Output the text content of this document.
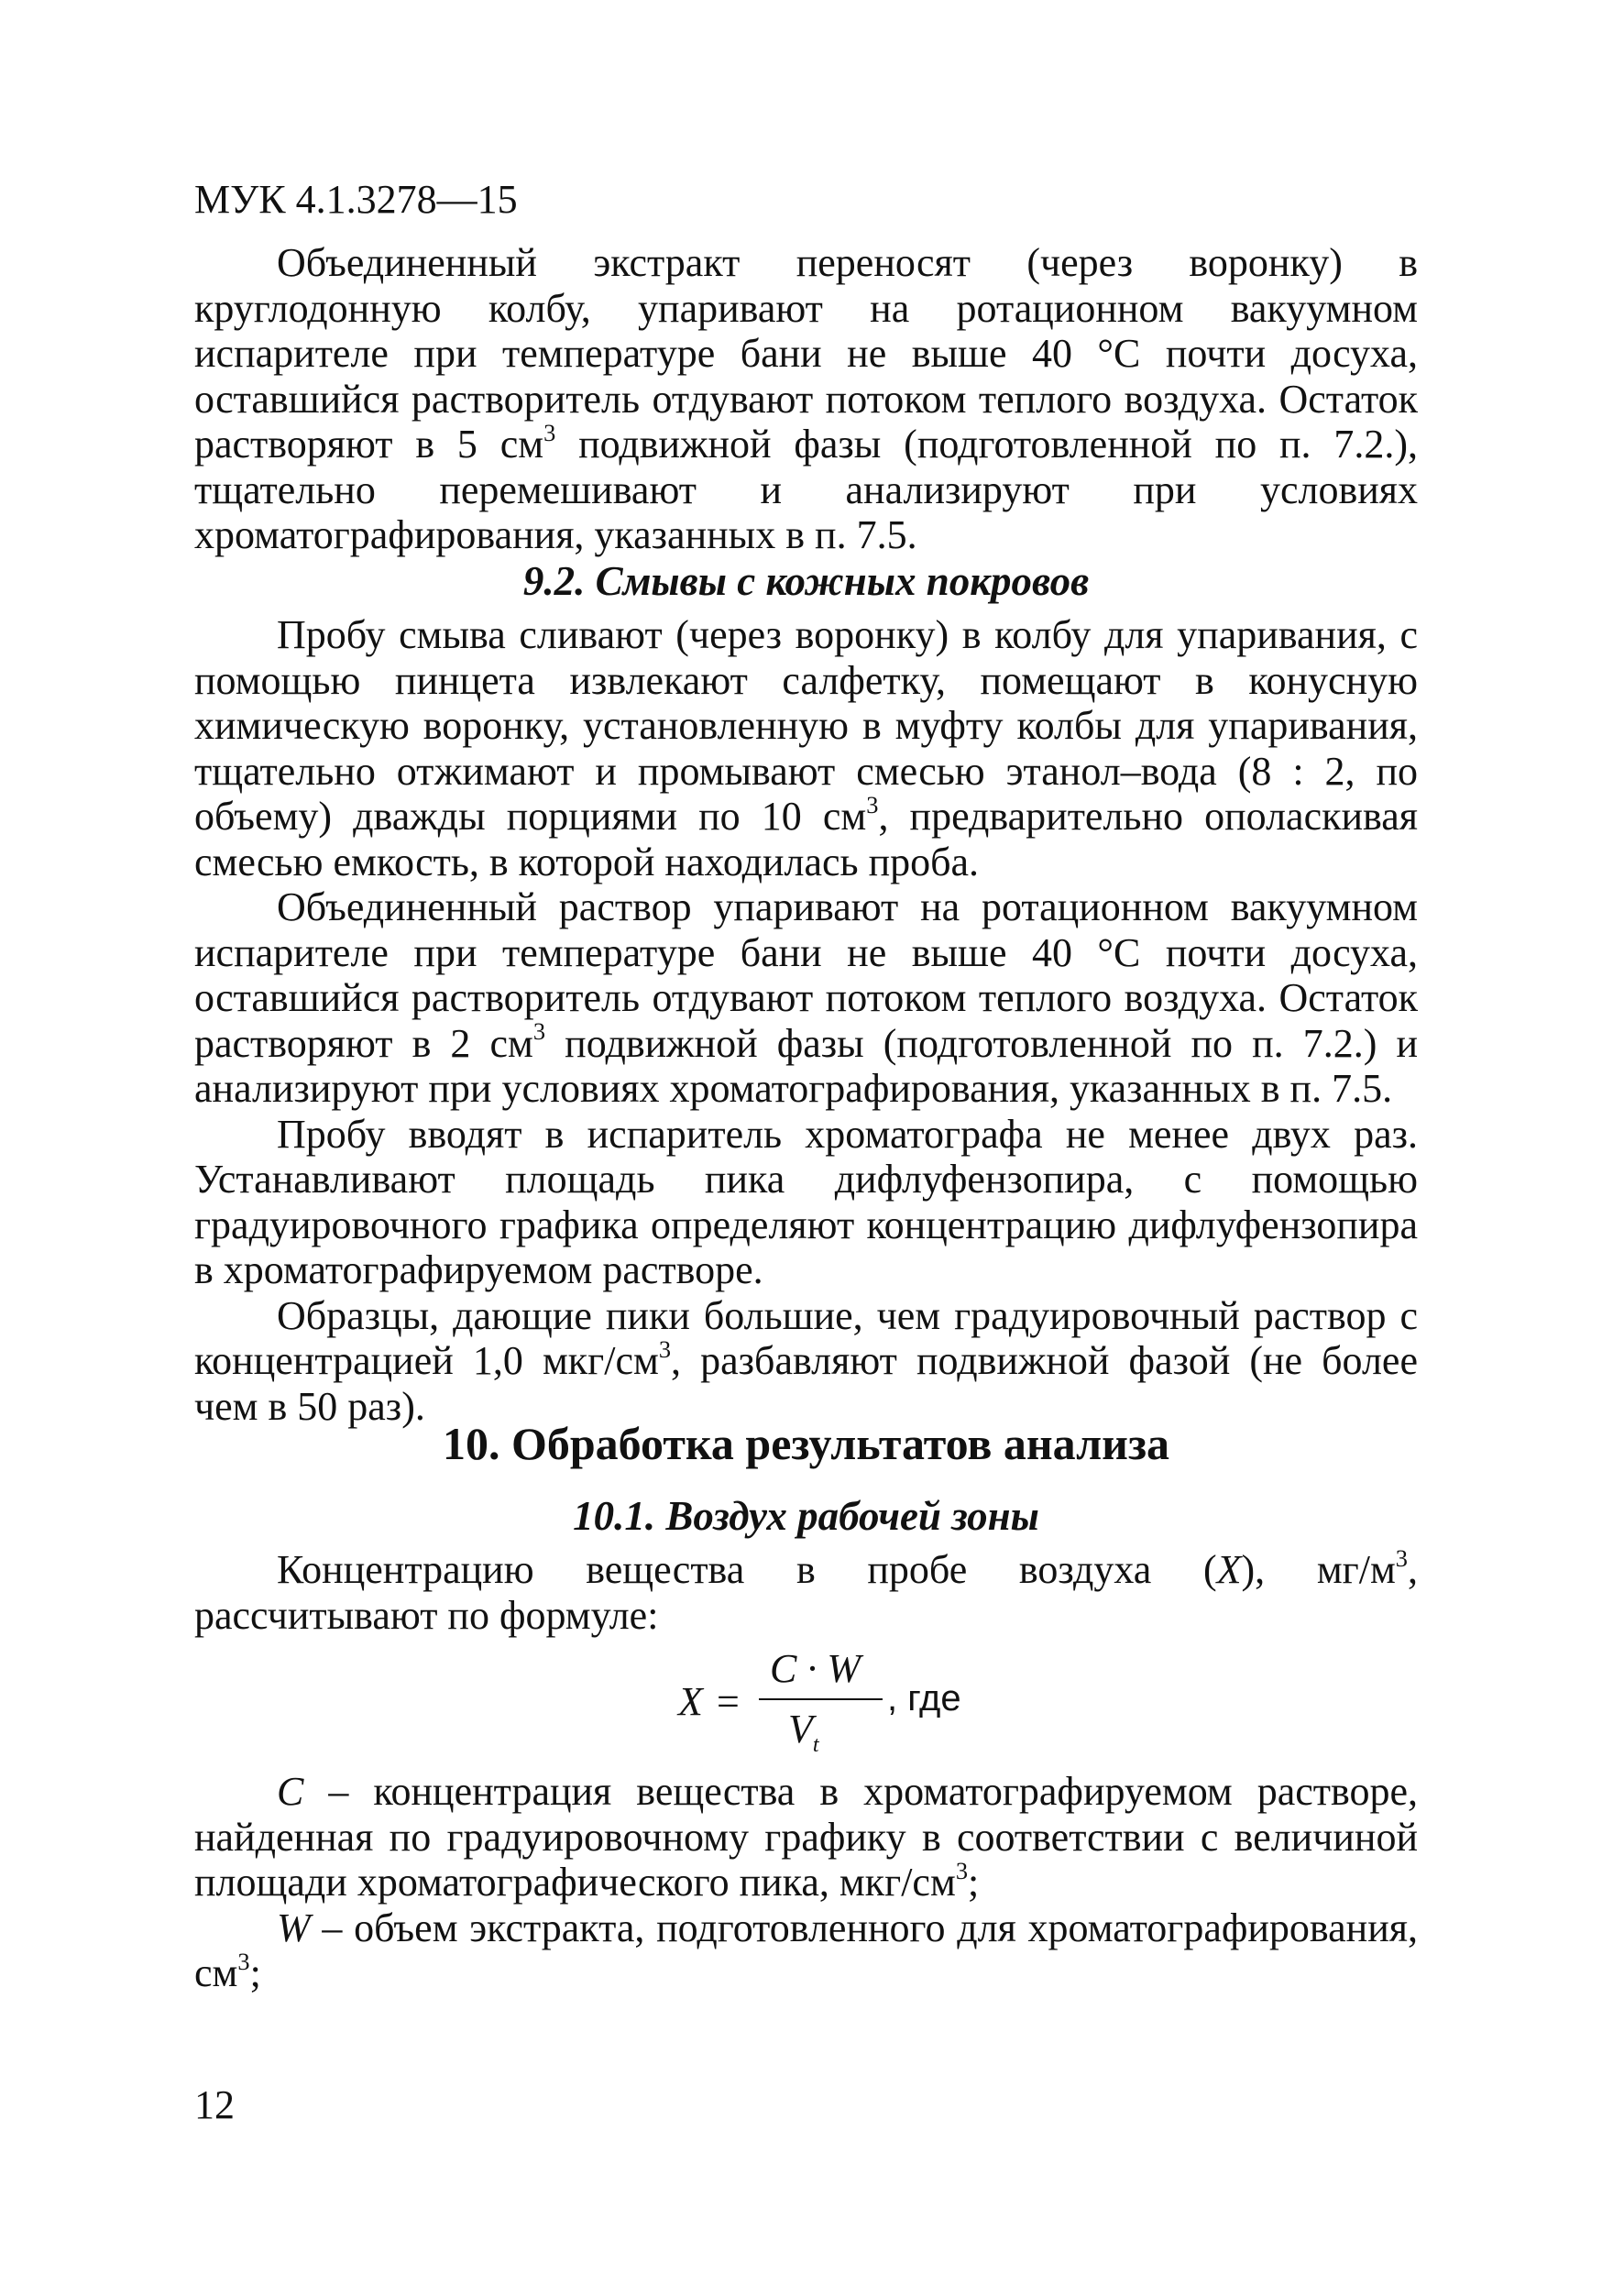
МУК 4.1.3278—15

Объединенный экстракт переносят (через воронку) в круглодонную колбу, упаривают на ротационном вакуумном испарителе при температуре бани не выше 40 °С почти досуха, оставшийся растворитель отдувают потоком теплого воздуха. Остаток растворяют в 5 $см^3$ подвижной фазы (подготовленной по п. 7.2.), тщательно перемешивают и анализируют при условиях хроматографирования, указанных в п. 7.5.

9.2. Смывы с кожных покровов

Пробу смыва сливают (через воронку) в колбу для упаривания, с помощью пинцета извлекают салфетку, помещают в конусную химическую воронку, установленную в муфту колбы для упаривания, тщательно отжимают и промывают смесью этанол–вода (8 : 2, по объему) дважды порциями по 10 $см^3$, предварительно ополаскивая смесью емкость, в которой находилась проба.

Объединенный раствор упаривают на ротационном вакуумном испарителе при температуре бани не выше 40 °С почти досуха, оставшийся растворитель отдувают потоком теплого воздуха. Остаток растворяют в 2 $см^3$ подвижной фазы (подготовленной по п. 7.2.) и анализируют при условиях хроматографирования, указанных в п. 7.5.

Пробу вводят в испаритель хроматографа не менее двух раз. Устанавливают площадь пика дифлуфензопира, с помощью градуировочного графика определяют концентрацию дифлуфензопира в хроматографируемом растворе.

Образцы, дающие пики большие, чем градуировочный раствор с концентрацией 1,0 мкг/$см^3$, разбавляют подвижной фазой (не более чем в 50 раз).

10. Обработка результатов анализа
10.1. Воздух рабочей зоны

Концентрацию вещества в пробе воздуха (X), $мг/м^3$, рассчитывают по формуле:

X =
C · W
$V_t$
, где

C – концентрация вещества в хроматографируемом растворе, найденная по градуировочному графику в соответствии с величиной площади хроматографического пика, мкг/$см^3$;

W – объем экстракта, подготовленного для хроматографирования, $см^3$;

12
